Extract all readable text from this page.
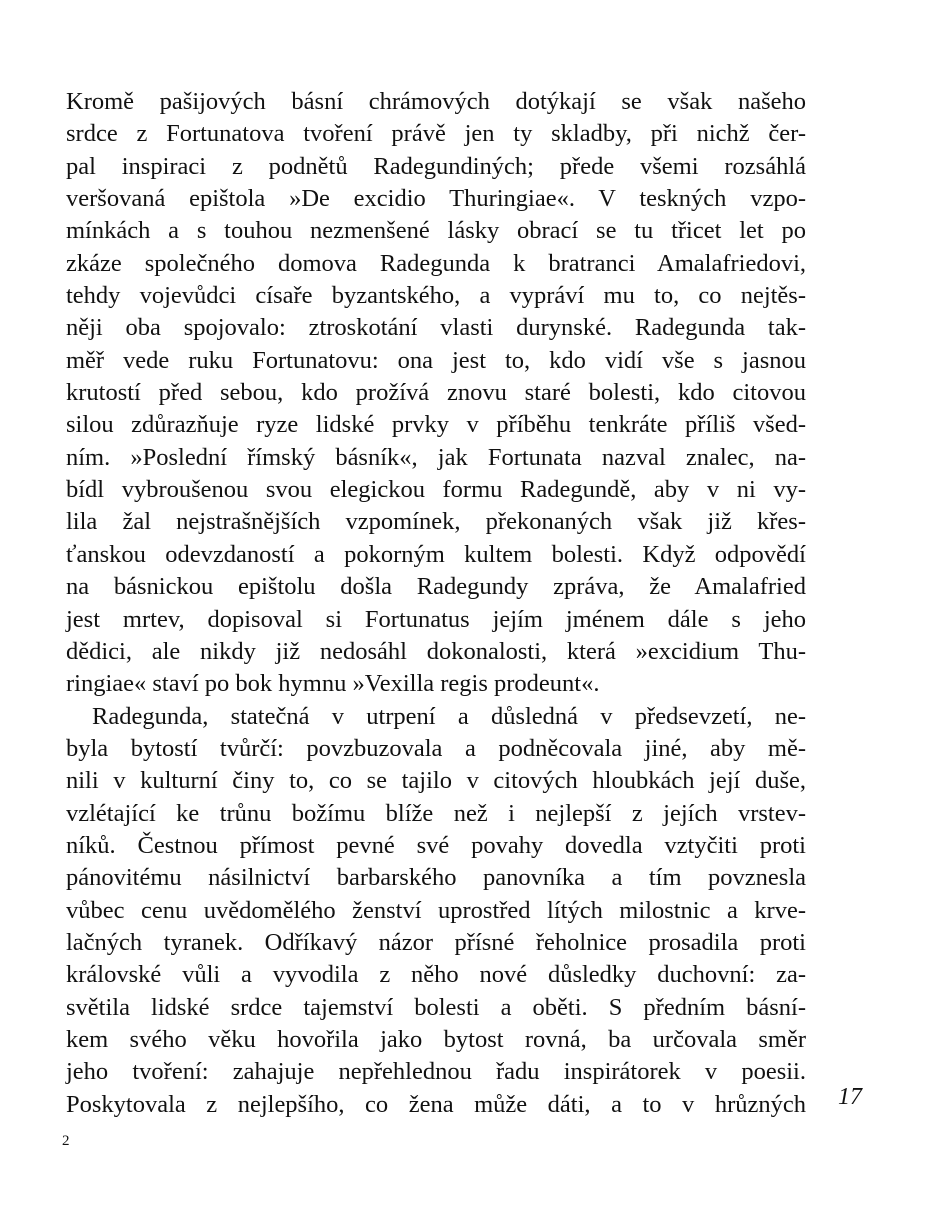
Kromě pašijových básní chrámových dotýkají se však našeho
srdce z Fortunatova tvoření právě jen ty skladby, při nichž čer-
pal inspiraci z podnětů Radegundiných; přede všemi rozsáhlá
veršovaná epištola »De excidio Thuringiae«. V teskných vzpo-
mínkách a s touhou nezmenšené lásky obrací se tu třicet let po
zkáze společného domova Radegunda k bratranci Amalafriedovi,
tehdy vojevůdci císaře byzantského, a vypráví mu to, co nejtěs-
něji oba spojovalo: ztroskotání vlasti durynské. Radegunda tak-
měř vede ruku Fortunatovu: ona jest to, kdo vidí vše s jasnou
krutostí před sebou, kdo prožívá znovu staré bolesti, kdo citovou
silou zdůrazňuje ryze lidské prvky v příběhu tenkráte příliš všed-
ním. »Poslední římský básník«, jak Fortunata nazval znalec, na-
bídl vybroušenou svou elegickou formu Radegundě, aby v ni vy-
lila žal nejstrašnějších vzpomínek, překonaných však již křes-
ťanskou odevzdaností a pokorným kultem bolesti. Když odpovědí
na básnickou epištolu došla Radegundy zpráva, že Amalafried
jest mrtev, dopisoval si Fortunatus jejím jménem dále s jeho
dědici, ale nikdy již nedosáhl dokonalosti, která »excidium Thu-
ringiae« staví po bok hymnu »Vexilla regis prodeunt«.
Radegunda, statečná v utrpení a důsledná v předsevzetí, ne-
byla bytostí tvůrčí: povzbuzovala a podněcovala jiné, aby mě-
nili v kulturní činy to, co se tajilo v citových hloubkách její duše,
vzlétající ke trůnu božímu blíže než i nejlepší z jejích vrstev-
níků. Čestnou přímost pevné své povahy dovedla vztyčiti proti
pánovitému násilnictví barbarského panovníka a tím povznesla
vůbec cenu uvědomělého ženství uprostřed lítých milostnic a krve-
lačných tyranek. Odříkavý názor přísné řeholnice prosadila proti
královské vůli a vyvodila z něho nové důsledky duchovní: za-
světila lidské srdce tajemství bolesti a oběti. S předním básní-
kem svého věku hovořila jako bytost rovná, ba určovala směr
jeho tvoření: zahajuje nepřehlednou řadu inspirátorek v poesii.
Poskytovala z nejlepšího, co žena může dáti, a to v hrůzných 17
2
